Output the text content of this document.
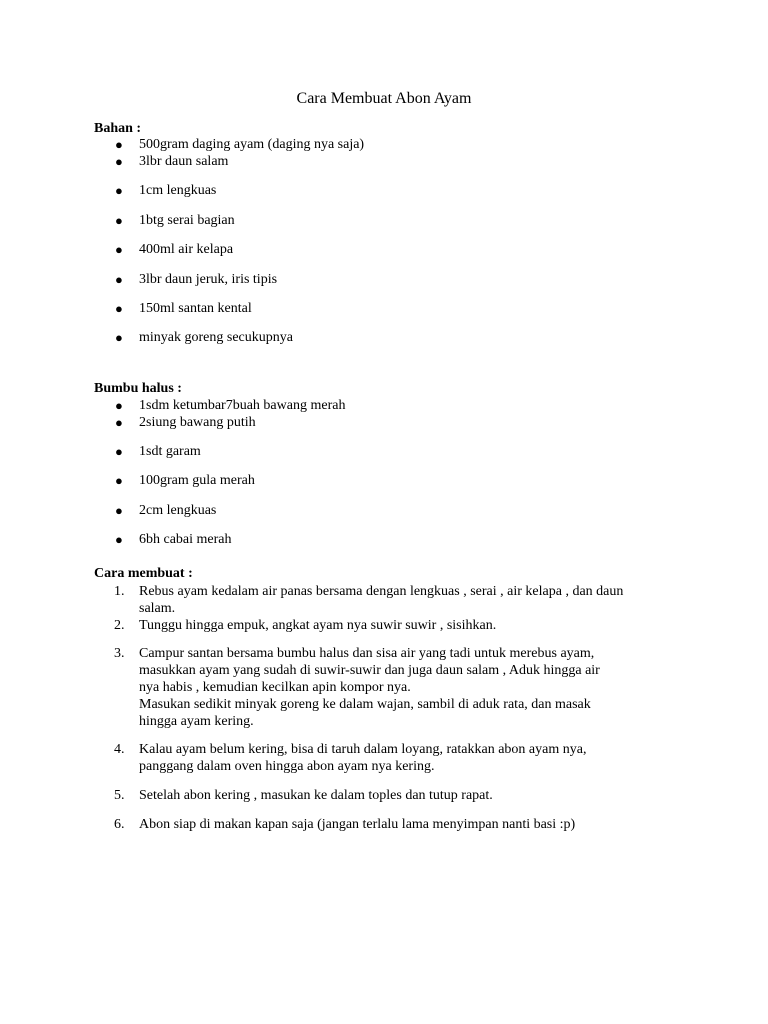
Cara Membuat Abon Ayam
Bahan :
● 500gram daging ayam (daging nya saja)
● 3lbr daun salam
● 1cm lengkuas
● 1btg serai bagian
● 400ml air kelapa
● 3lbr daun jeruk, iris tipis
● 150ml santan kental
● minyak goreng secukupnya
Bumbu halus :
● 1sdm ketumbar7buah bawang merah
● 2siung bawang putih
● 1sdt garam
● 100gram gula merah
● 2cm lengkuas
● 6bh cabai merah
Cara membuat :
1. Rebus ayam kedalam air panas bersama dengan lengkuas , serai , air kelapa , dan daun
salam.
2. Tunggu hingga empuk, angkat ayam nya suwir suwir , sisihkan.
3. Campur santan bersama bumbu halus dan sisa air yang tadi untuk merebus ayam,
masukkan ayam yang sudah di suwir-suwir dan juga daun salam , Aduk hingga air
nya habis , kemudian kecilkan apin kompor nya.
Masukan sedikit minyak goreng ke dalam wajan, sambil di aduk rata, dan masak
hingga ayam kering.
4. Kalau ayam belum kering, bisa di taruh dalam loyang, ratakkan abon ayam nya,
panggang dalam oven hingga abon ayam nya kering.
5. Setelah abon kering , masukan ke dalam toples dan tutup rapat.
6. Abon siap di makan kapan saja (jangan terlalu lama menyimpan nanti basi :p)
